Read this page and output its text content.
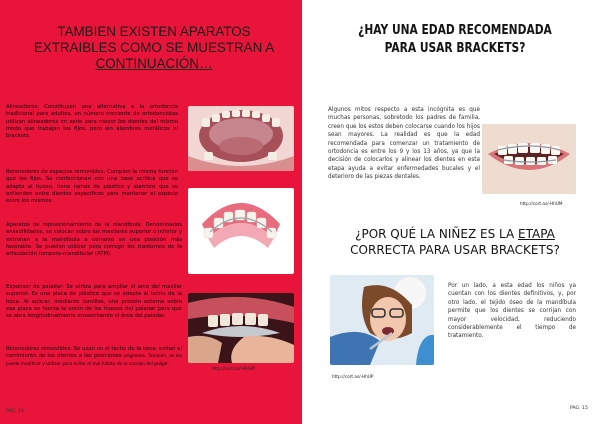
TAMBIEN EXISTEN APARATOS
EXTRAIBLES COMO SE MUESTRAN A
CONTINUACIÓN…
Alineadores: Constituyen una alternativa a la ortodoncia tradicional para adultos, un número creciente de ortodoncistas utilizan alineadores en serie para mover los dientes del mismo modo que trabajan los fijos, pero sin alambres metálicos ni brackets.
Retenedores de espacios removibles: Cumplen la misma función que los fijos. Se confeccionan con una base acrílica que se adapta al hueso, tiene ramas de plástico y alambre que se extienden entre dientes específicos para mantener el espacio entre los mismos.
Aparatos de reposicionamiento de la mandíbula: Denominados ensabllidados, se colocan sobre los maxilares superior o inferior y entrenan a la mandíbula a cerrarse en una posición más favorable. Se pueden utilizar para corregir los trastornos de la articulación temporo-mandibular (ATM).
Expansor de paladar: Se utiliza para ampliar el arco del maxilar superior. Es una placa de plástico que se adapta al techo de la boca. Al aplicar, mediante tornillos, una presión externa sobre esa placa se fuerza la unión de los huesos del paladar para que se abra longitudinalmente ensanchando el área del paladar.
Retenedores removibles: Se usan en el techo de la boca, evitan el corrimiento de los dientes a las posiciones originales. También, se los puede modificar y utilizar para evitar el mal hábito de la succión del pulgar.
http://cort.as/-HhGM
PAG. 14
¿HAY UNA EDAD RECOMENDADA
PARA USAR BRACKETS?
Algunos mitos respecto a esta incógnita es que muchas personas, sobretodo los padres de familia, creen que los estos deben colocarse cuando los hijos sean mayores. La realidad es que la edad recomendada para comenzar un tratamiento de ortodoncia es entre los 9 y los 13 años, ya que la decisión de colocarlos y alinear los dientes en esta etapa ayuda a evitar enfermedades bucales y el deterioro de las piezas dentales.
http://cort.as/-HhUM
¿POR QUÉ LA NIÑEZ ES LA ETAPA
CORRECTA PARA USAR BRACKETS?
http://cort.as/-HhUP
Por un lado, a esta edad los niños ya cuentan con los dientes definitivos, y, por otro lado, el tejido óseo de la mandíbula permite que los dientes se corrijan con mayor velocidad, reduciendo considerablemente el tiempo de tratamiento.
PAG. 15
